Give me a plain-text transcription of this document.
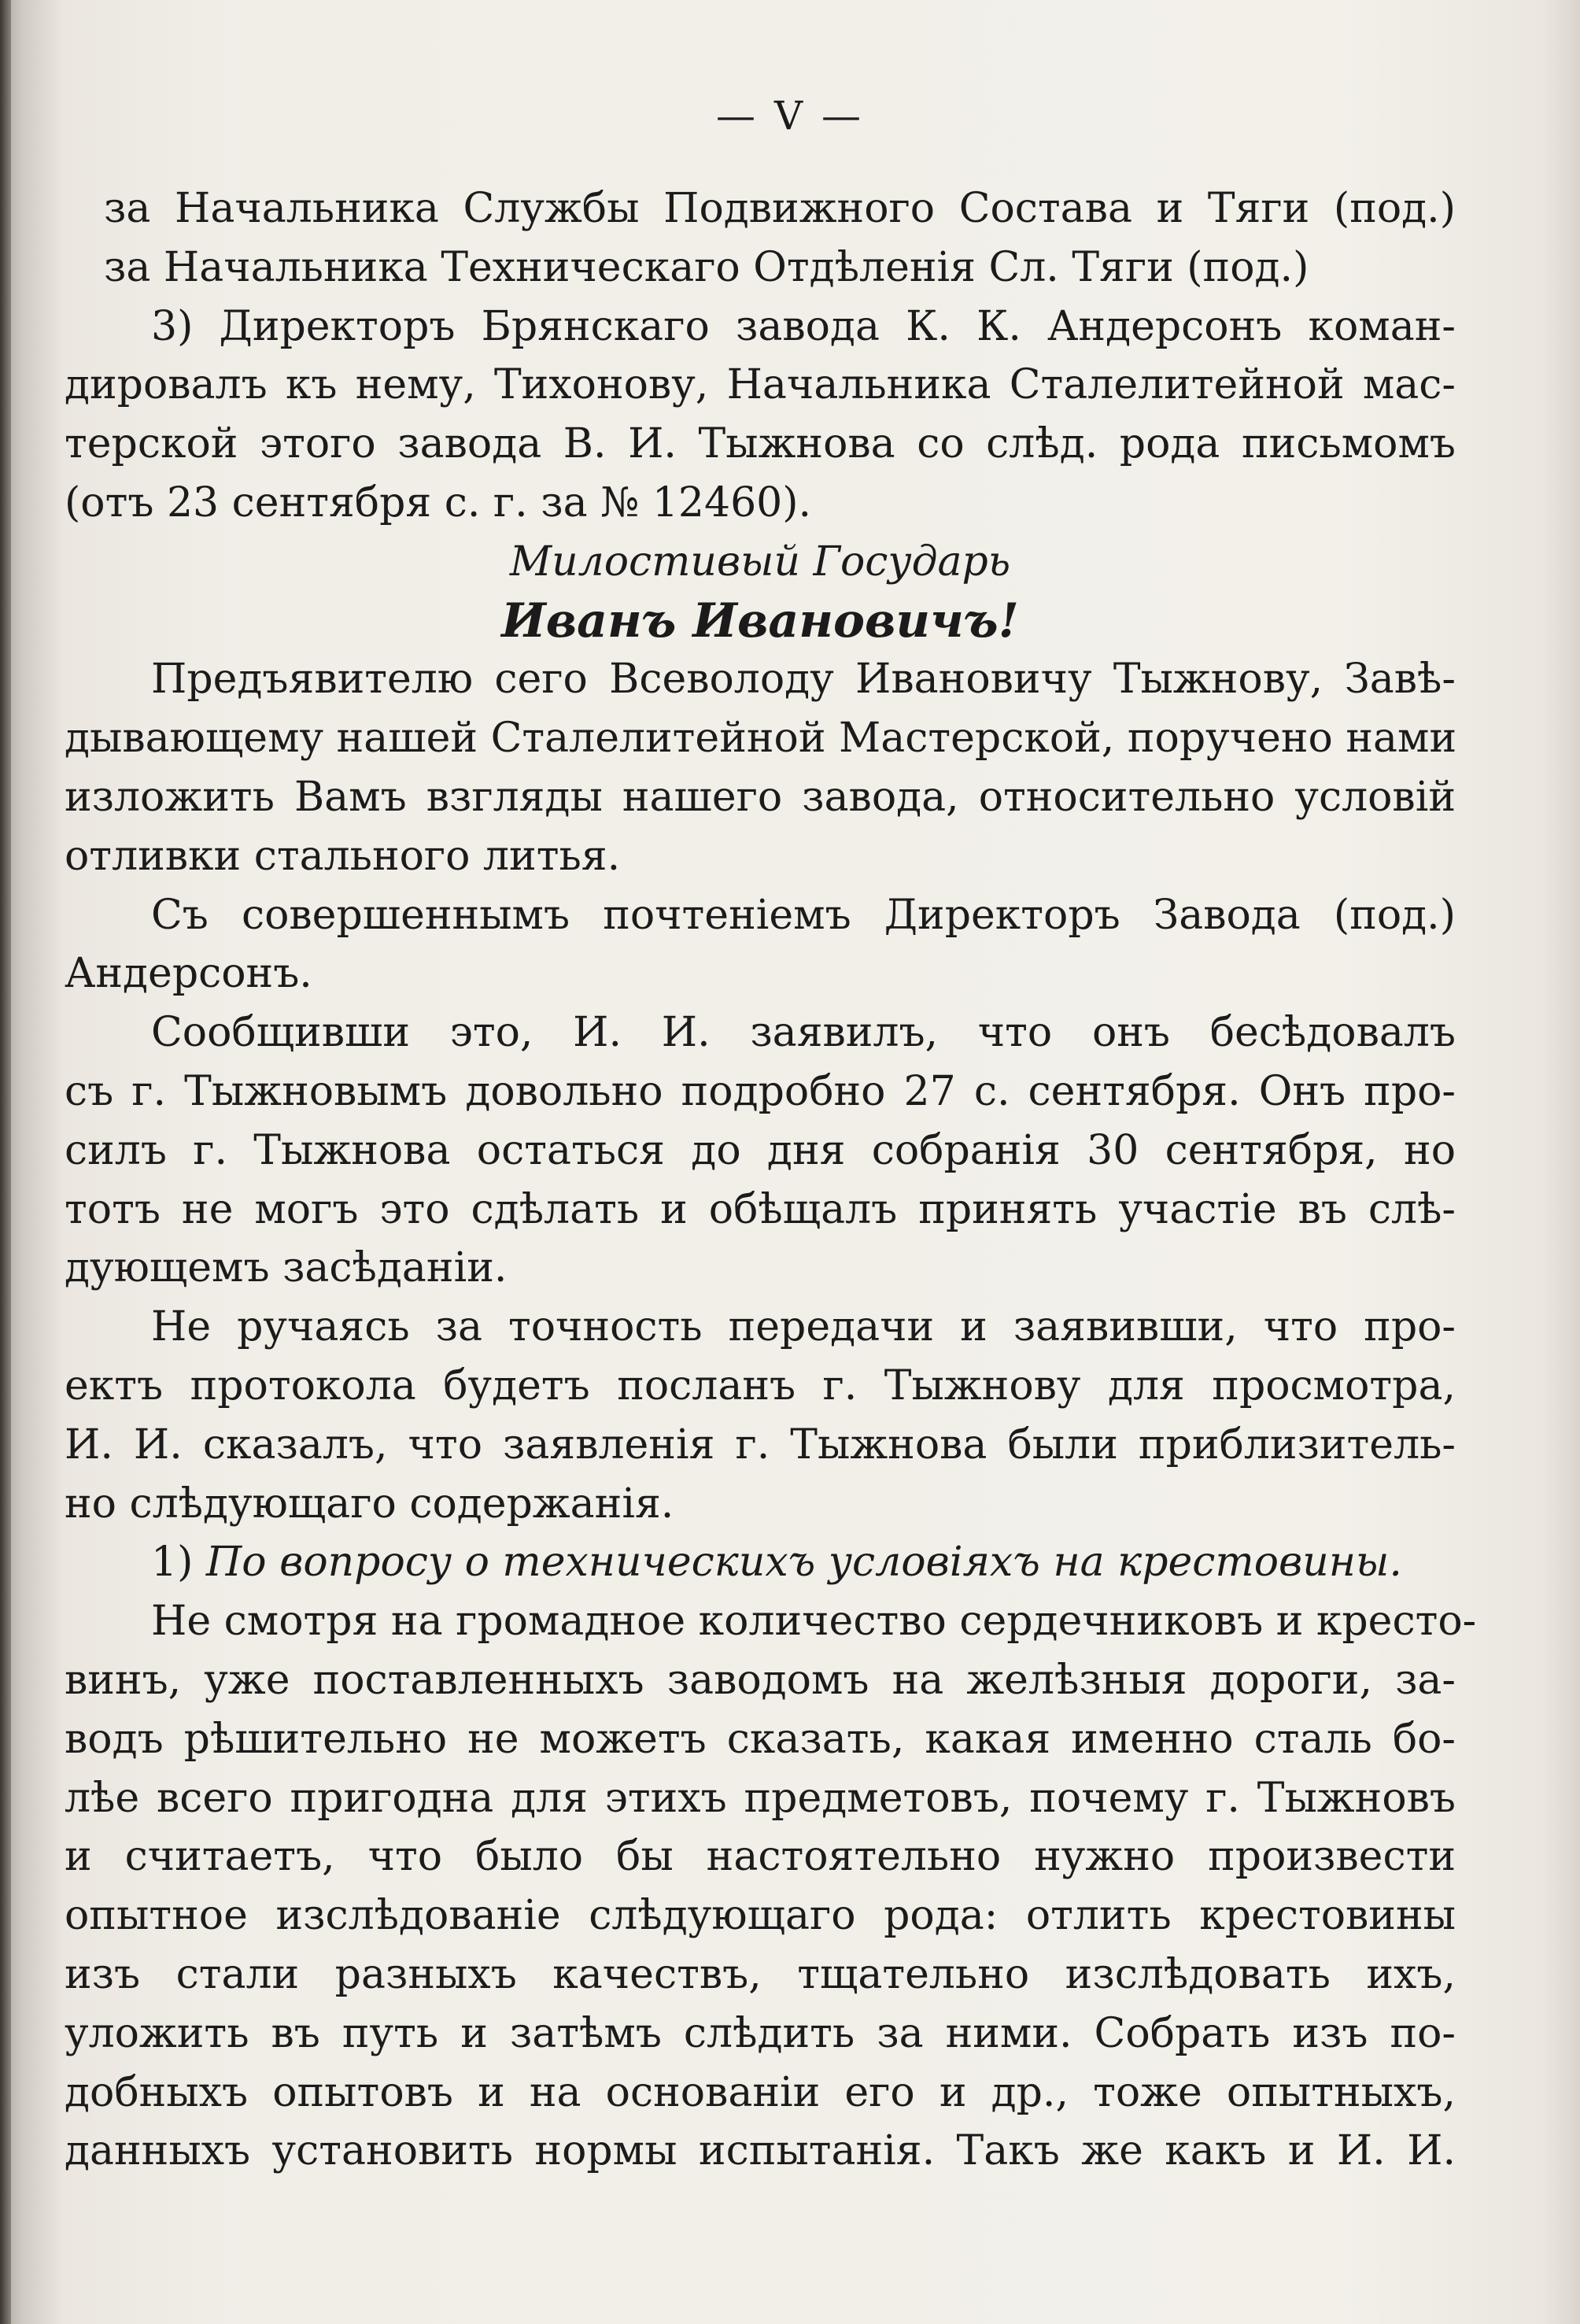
— V —
за Начальника Службы Подвижного Состава и Тяги (под.)
за Начальника Техническаго Отдѣленія Сл. Тяги (под.)
3) Директоръ Брянскаго завода К. К. Андерсонъ коман-
дировалъ къ нему, Тихонову, Начальника Сталелитейной мас-
терской этого завода В. И. Тыжнова со слѣд. рода письмомъ
(отъ 23 сентября с. г. за № 12460).
Милостивый Государь
Иванъ Ивановичъ!
Предъявителю сего Всеволоду Ивановичу Тыжнову, Завѣ-
дывающему нашей Сталелитейной Мастерской, поручено нами
изложить Вамъ взгляды нашего завода, относительно условій
отливки стального литья.
Съ совершеннымъ почтеніемъ Директоръ Завода (под.)
Андерсонъ.
Сообщивши это, И. И. заявилъ, что онъ бесѣдовалъ
съ г. Тыжновымъ довольно подробно 27 с. сентября. Онъ про-
силъ г. Тыжнова остаться до дня собранія 30 сентября, но
тотъ не могъ это сдѣлать и обѣщалъ принять участіе въ слѣ-
дующемъ засѣданіи.
Не ручаясь за точность передачи и заявивши, что про-
ектъ протокола будетъ посланъ г. Тыжнову для просмотра,
И. И. сказалъ, что заявленія г. Тыжнова были приблизитель-
но слѣдующаго содержанія.
1) По вопросу о техническихъ условіяхъ на крестовины.
Не смотря на громадное количество сердечниковъ и кресто-
винъ, уже поставленныхъ заводомъ на желѣзныя дороги, за-
водъ рѣшительно не можетъ сказать, какая именно сталь бо-
лѣе всего пригодна для этихъ предметовъ, почему г. Тыжновъ
и считаетъ, что было бы настоятельно нужно произвести
опытное изслѣдованіе слѣдующаго рода: отлить крестовины
изъ стали разныхъ качествъ, тщательно изслѣдовать ихъ,
уложить въ путь и затѣмъ слѣдить за ними. Собрать изъ по-
добныхъ опытовъ и на основаніи его и др., тоже опытныхъ,
данныхъ установить нормы испытанія. Такъ же какъ и И. И.
